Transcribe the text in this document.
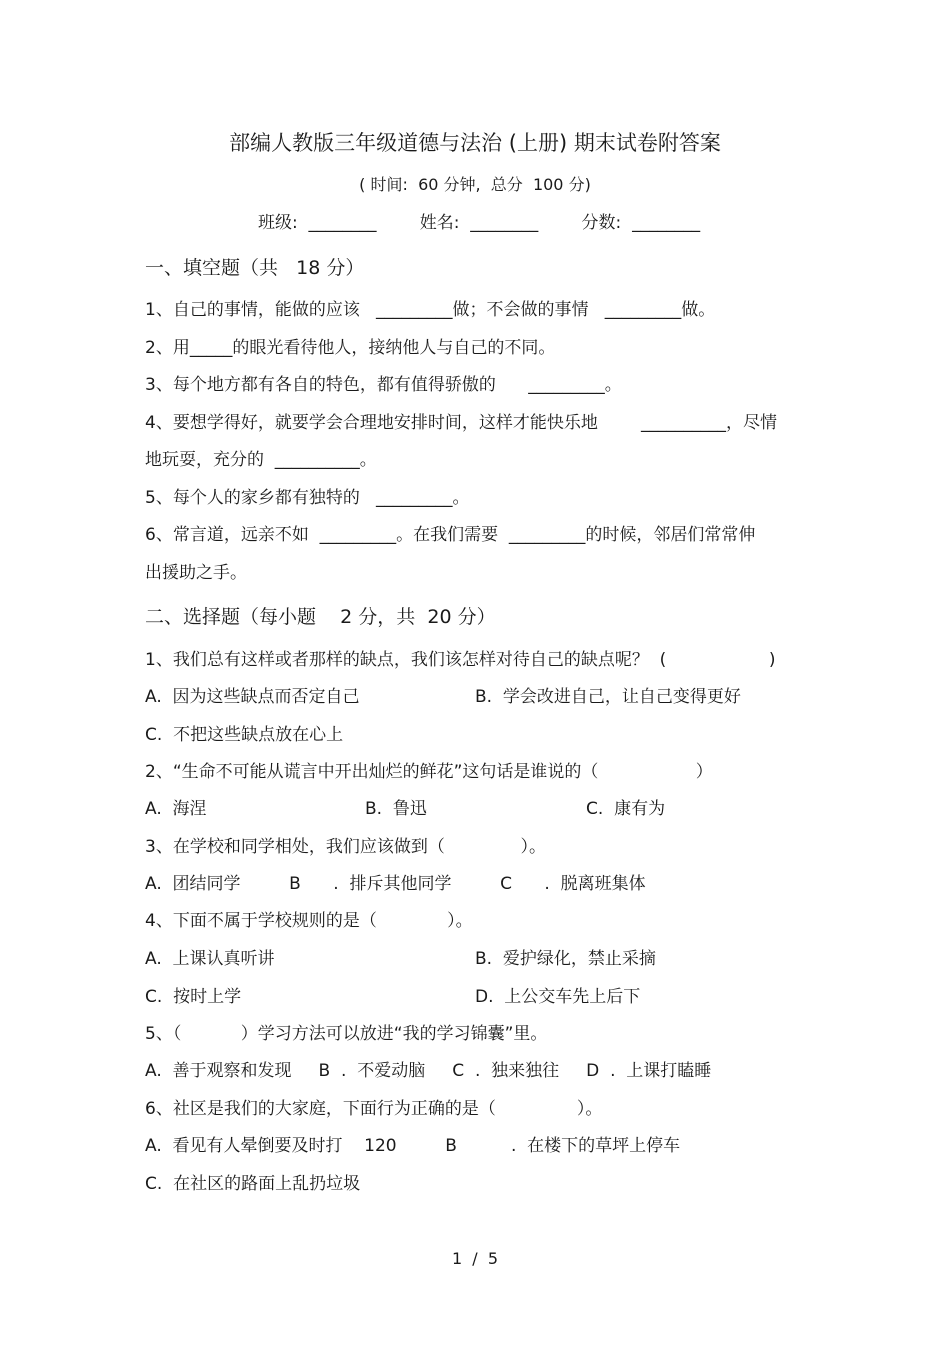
部编人教版三年级道德与法治 (上册) 期末试卷附答案
( 时间:  60 分钟,  总分  100 分)
班级:  ________        姓名:  ________        分数:  ________
一、填空题（共   18 分）
1、自己的事情，能做的应该   _________做；不会做的事情   _________做。
2、用_____的眼光看待他人，接纳他人与自己的不同。
3、每个地方都有各自的特色，都有值得骄傲的      _________。
4、要想学得好，就要学会合理地安排时间，这样才能快乐地        __________，尽情
地玩耍，充分的  __________。
5、每个人的家乡都有独特的   _________。
6、常言道，远亲不如  _________。在我们需要  _________的时候，邻居们常常伸
出援助之手。
二、选择题（每小题    2 分，共  20 分）
1、我们总有这样或者那样的缺点，我们该怎样对待自己的缺点呢？  (                   )
A.  因为这些缺点而否定自己	B.  学会改进自己，让自己变得更好
C.  不把这些缺点放在心上
2、“生命不可能从谎言中开出灿烂的鲜花”这句话是谁说的（                  ）
A.  海涅	B.  鲁迅	C.  康有为
3、在学校和同学相处，我们应该做到（              ）。
A.  团结同学         B      .  排斥其他同学         C      .  脱离班集体
4、下面不属于学校规则的是（             ）。
A.  上课认真听讲	B.  爱护绿化，禁止采摘
C.  按时上学	D.  上公交车先上后下
5、（           ）学习方法可以放进“我的学习锦囊”里。
A.  善于观察和发现     B  .  不爱动脑     C  .  独来独往     D  .  上课打瞌睡
6、社区是我们的大家庭，下面行为正确的是（               ）。
A.  看见有人晕倒要及时打    120         B          .  在楼下的草坪上停车
C.  在社区的路面上乱扔垃圾
1  /  5
